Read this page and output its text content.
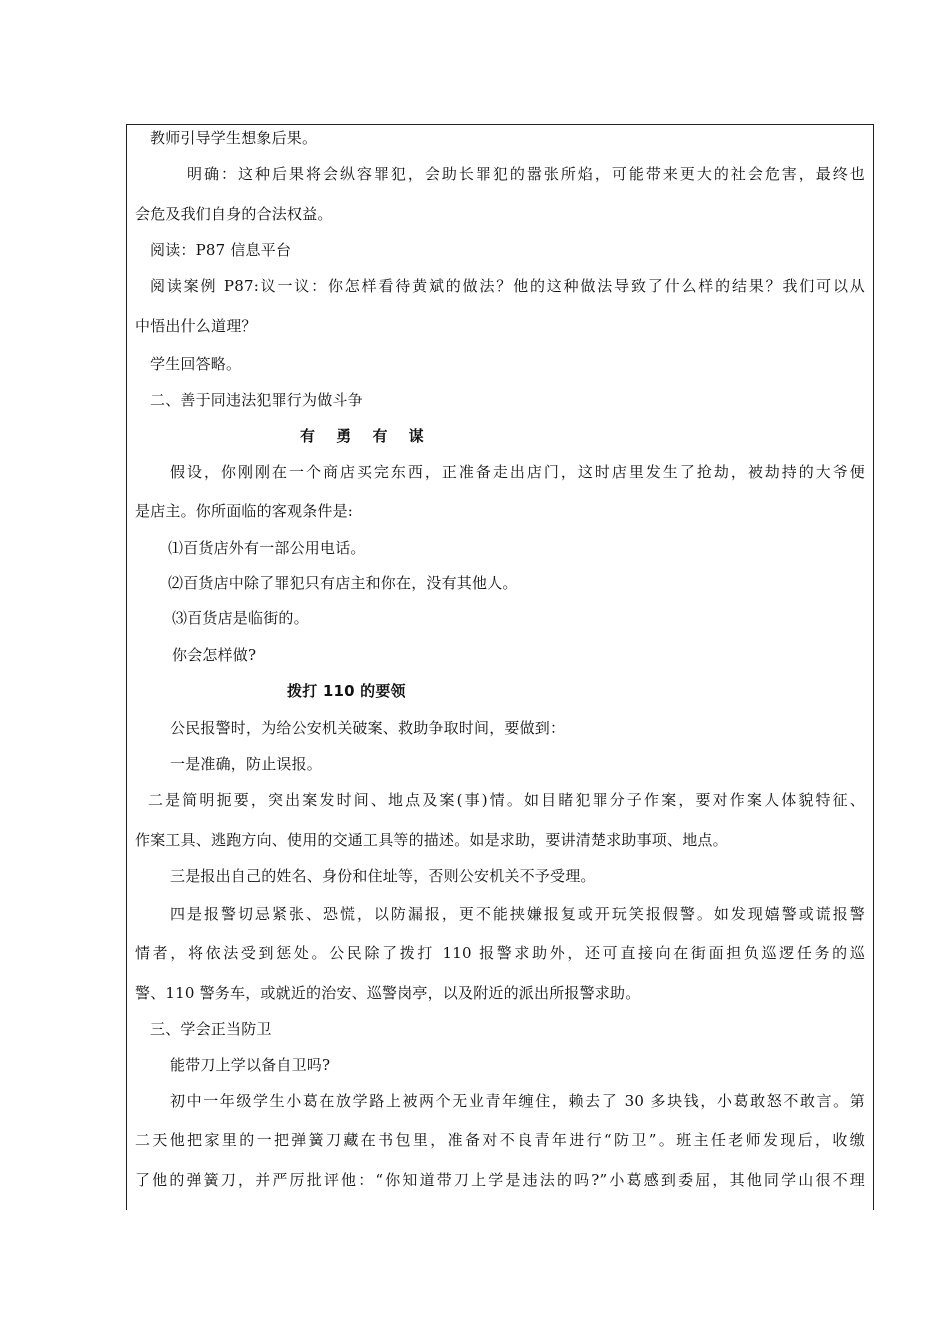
教师引导学生想象后果。
明确：这种后果将会纵容罪犯，会助长罪犯的嚣张所焰，可能带来更大的社会危害，最终也
会危及我们自身的合法权益。
阅读：P87 信息平台
阅读案例 P87:议一议：你怎样看待黄斌的做法？他的这种做法导致了什么样的结果？我们可以从
中悟出什么道理？
学生回答略。
二、善于同违法犯罪行为做斗争
有 勇 有 谋
假设，你刚刚在一个商店买完东西，正准备走出店门，这时店里发生了抢劫，被劫持的大爷便
是店主。你所面临的客观条件是:
⑴百货店外有一部公用电话。
⑵百货店中除了罪犯只有店主和你在，没有其他人。
⑶百货店是临街的。
你会怎样做?
拨打 110 的要领
公民报警时，为给公安机关破案、救助争取时间，要做到：
一是准确，防止误报。
二是简明扼要，突出案发时间、地点及案(事)情。如目睹犯罪分子作案，要对作案人体貌特征、
作案工具、逃跑方向、使用的交通工具等的描述。如是求助，要讲清楚求助事项、地点。
三是报出自己的姓名、身份和住址等，否则公安机关不予受理。
四是报警切忌紧张、恐慌，以防漏报，更不能挟嫌报复或开玩笑报假警。如发现嬉警或谎报警
情者，将依法受到惩处。公民除了拨打 110 报警求助外，还可直接向在街面担负巡逻任务的巡
警、110 警务车，或就近的治安、巡警岗亭，以及附近的派出所报警求助。
三、学会正当防卫
能带刀上学以备自卫吗?
初中一年级学生小葛在放学路上被两个无业青年缠住，赖去了 30 多块钱，小葛敢怒不敢言。第
二天他把家里的一把弹簧刀藏在书包里，准备对不良青年进行“防卫”。班主任老师发现后，收缴
了他的弹簧刀，并严厉批评他：“你知道带刀上学是违法的吗?”小葛感到委屈，其他同学山很不理
